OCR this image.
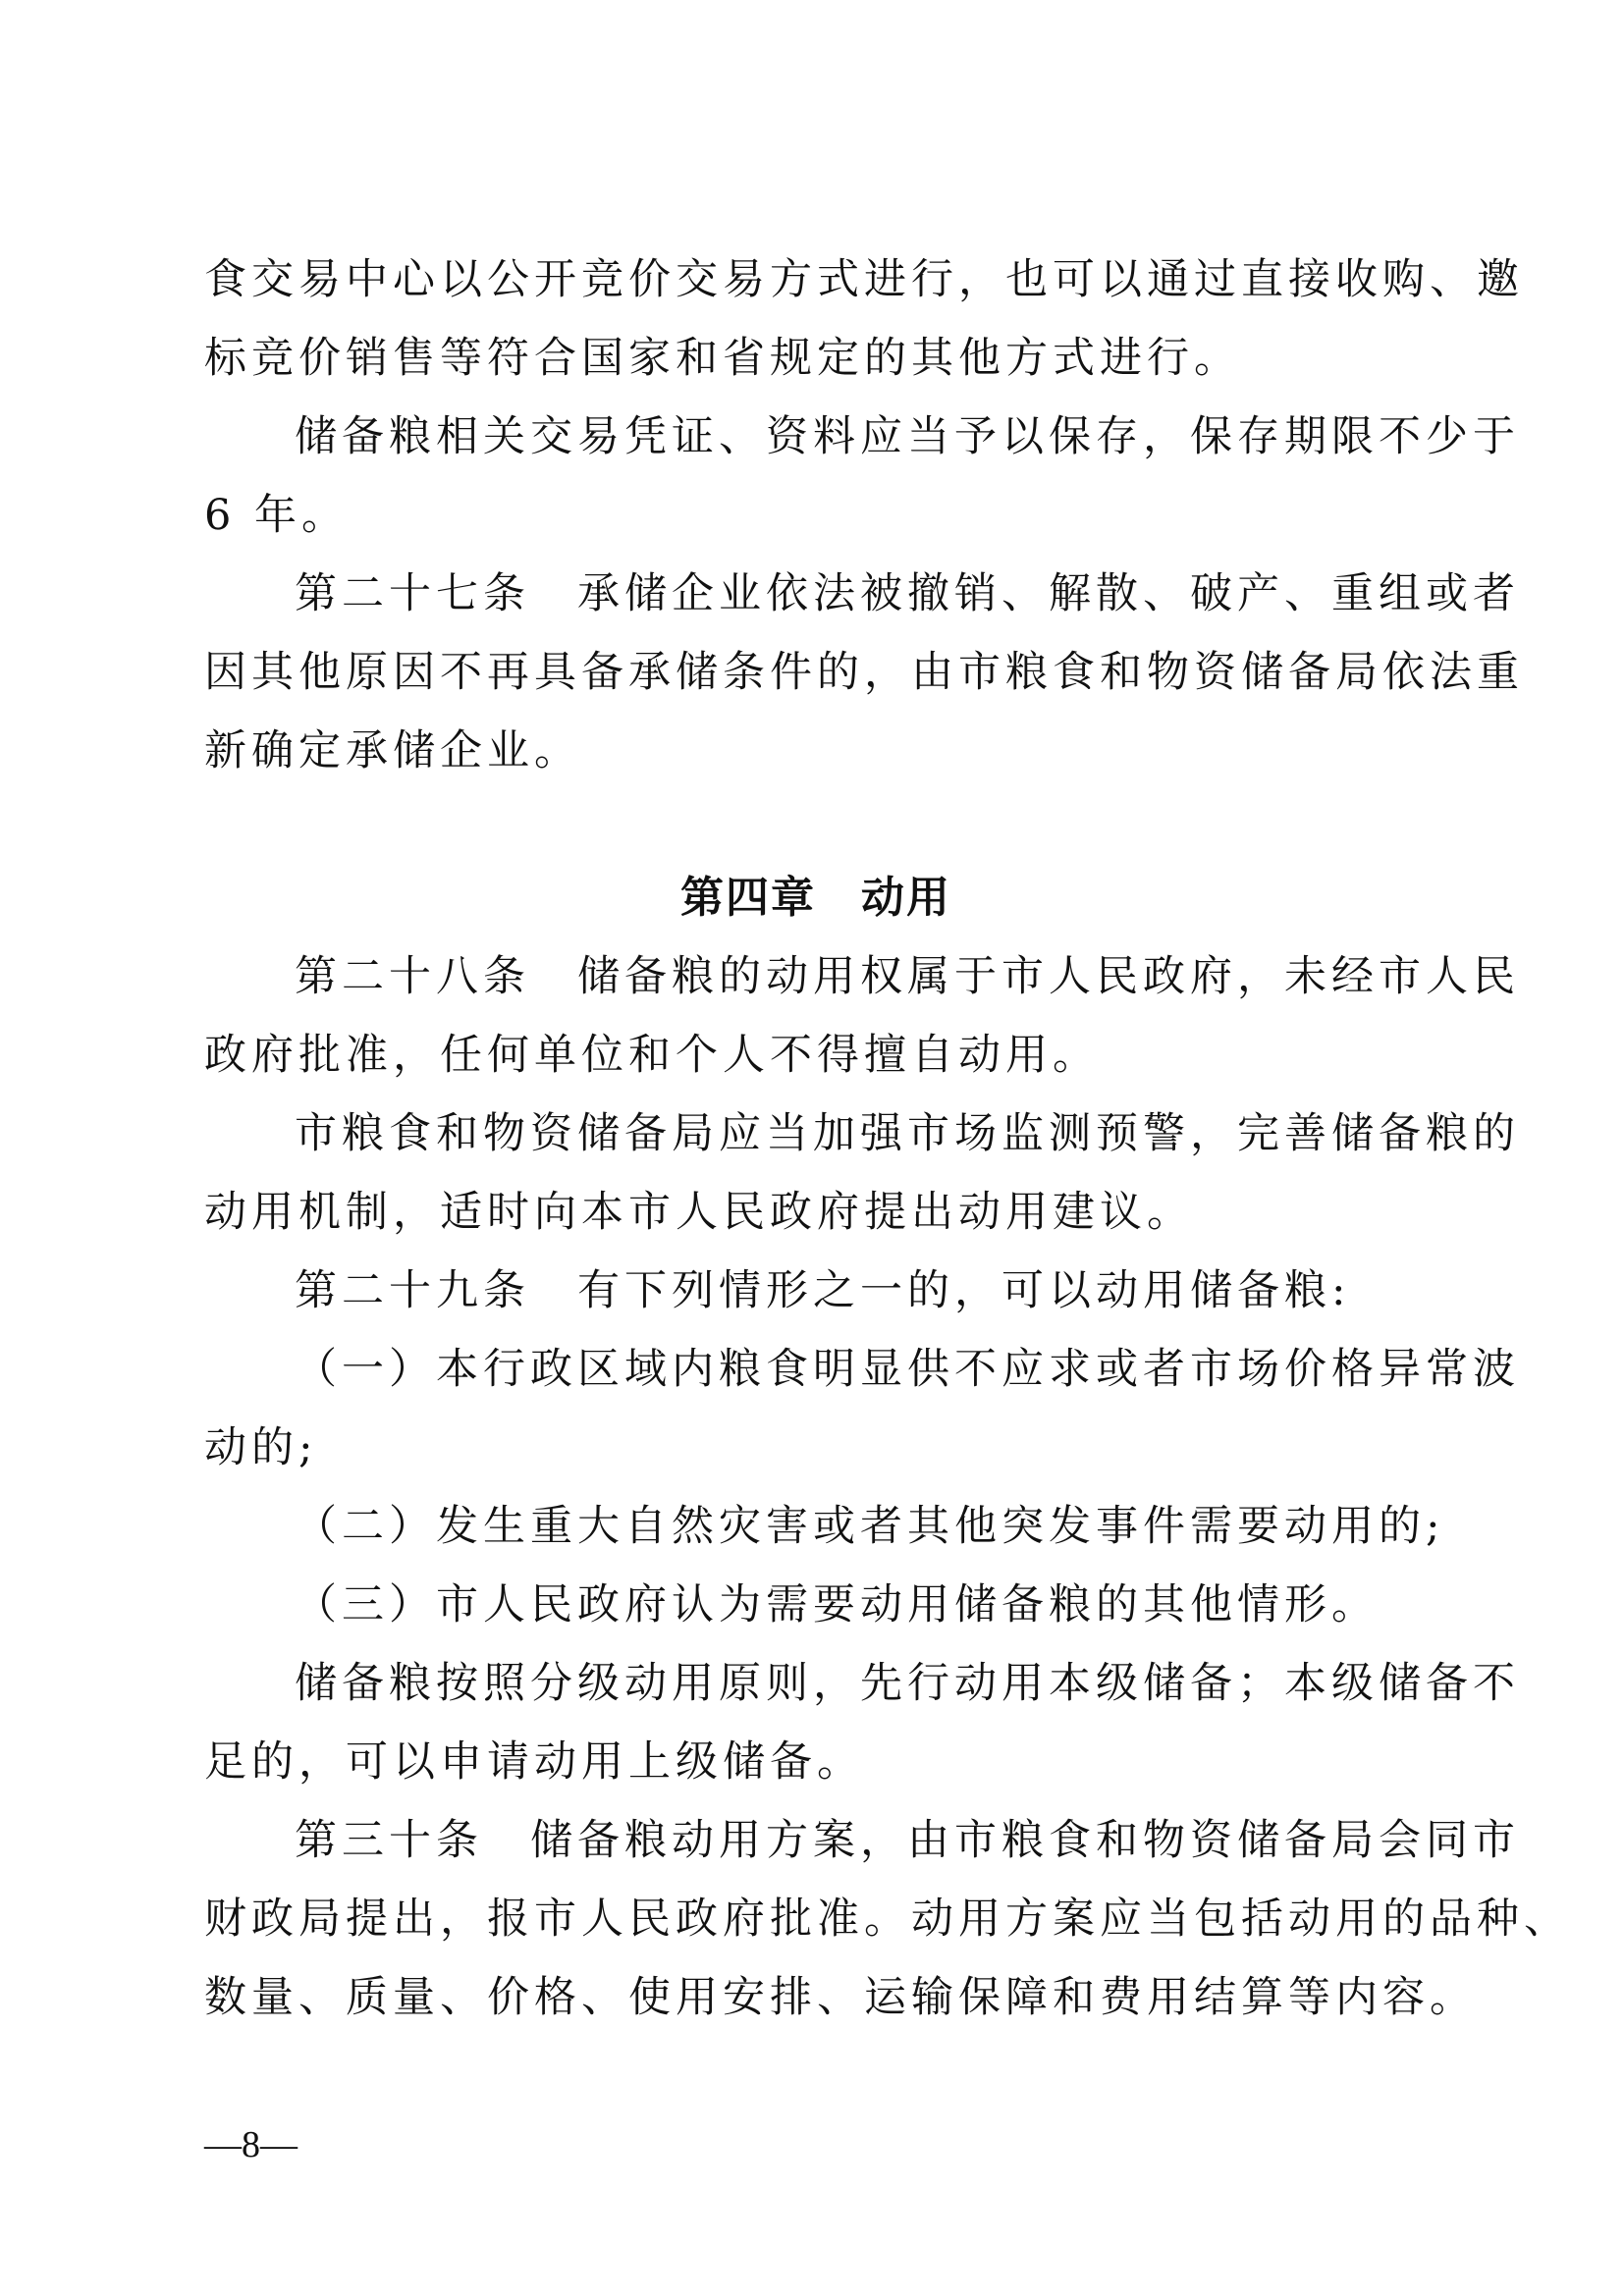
食交易中心以公开竞价交易方式进行，也可以通过直接收购、邀
标竞价销售等符合国家和省规定的其他方式进行。
储备粮相关交易凭证、资料应当予以保存，保存期限不少于
6 年。
第二十七条　承储企业依法被撤销、解散、破产、重组或者
因其他原因不再具备承储条件的，由市粮食和物资储备局依法重
新确定承储企业。
第四章　动用
第二十八条　储备粮的动用权属于市人民政府，未经市人民
政府批准，任何单位和个人不得擅自动用。
市粮食和物资储备局应当加强市场监测预警，完善储备粮的
动用机制，适时向本市人民政府提出动用建议。
第二十九条　有下列情形之一的，可以动用储备粮:
（一）本行政区域内粮食明显供不应求或者市场价格异常波
动的;
（二）发生重大自然灾害或者其他突发事件需要动用的;
（三）市人民政府认为需要动用储备粮的其他情形。
储备粮按照分级动用原则，先行动用本级储备；本级储备不
足的，可以申请动用上级储备。
第三十条　储备粮动用方案，由市粮食和物资储备局会同市
财政局提出，报市人民政府批准。动用方案应当包括动用的品种、
数量、质量、价格、使用安排、运输保障和费用结算等内容。
—8—
